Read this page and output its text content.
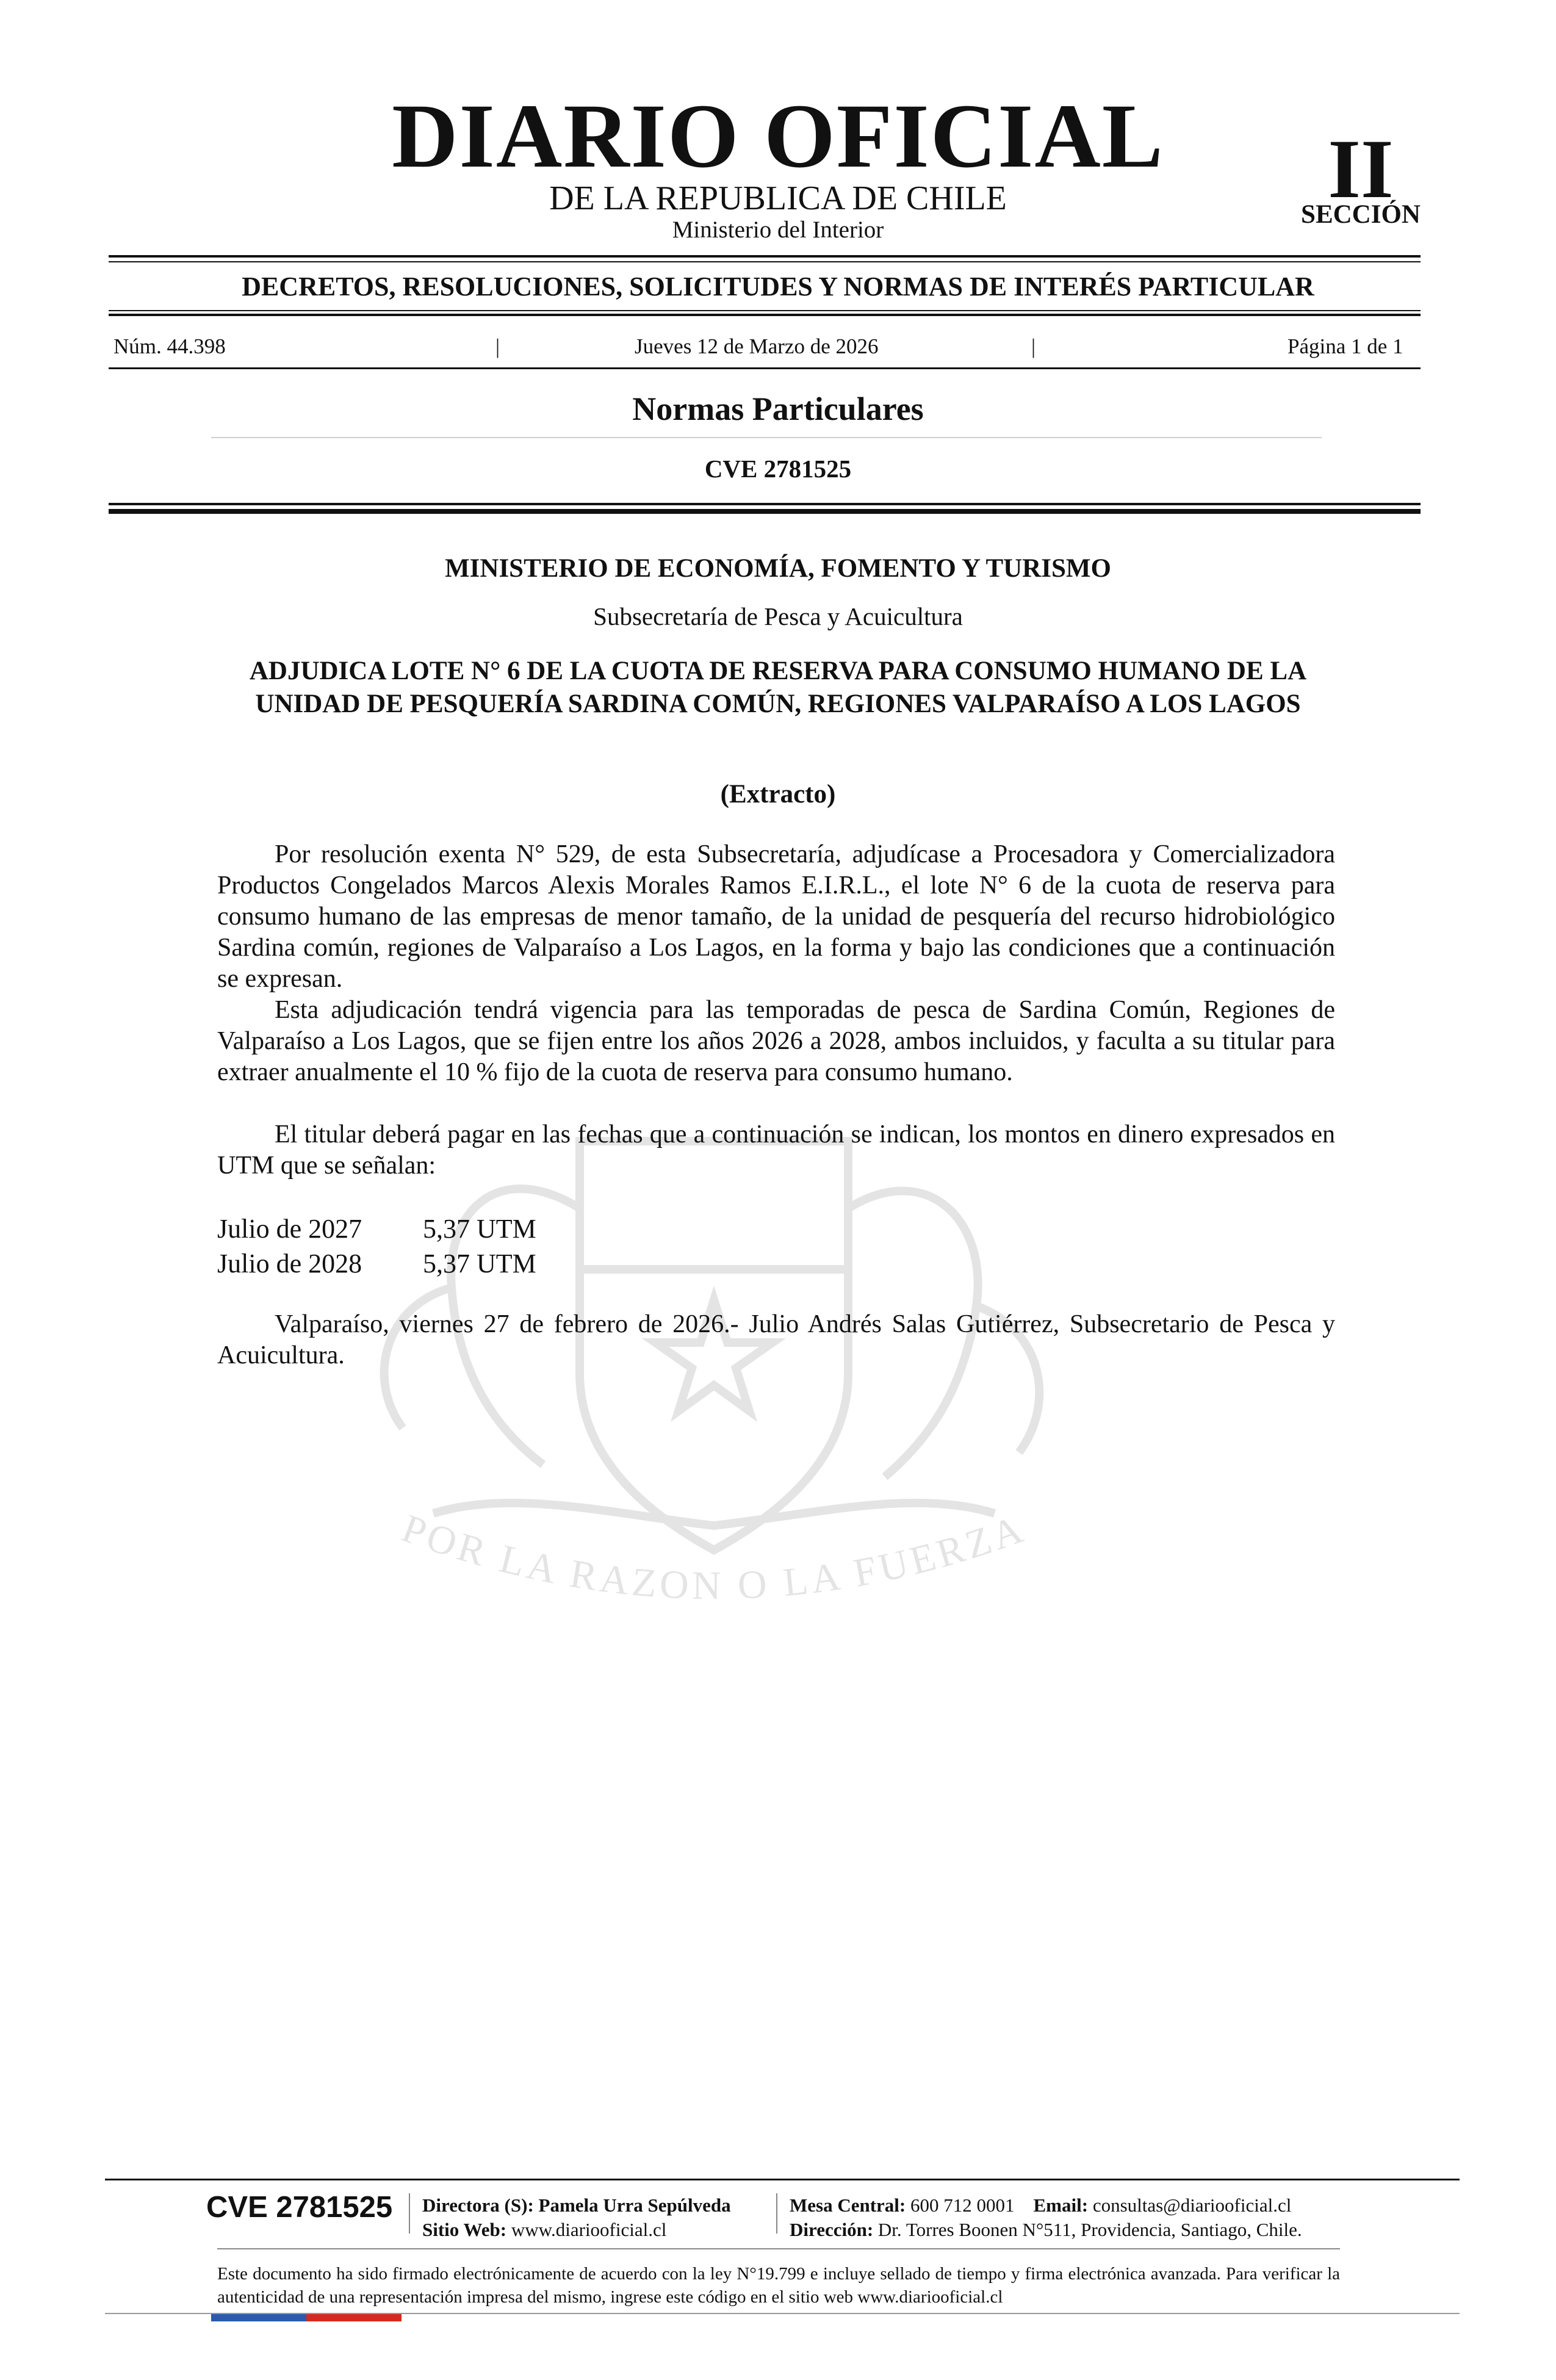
POR LA RAZON O LA FUERZA
DIARIO OFICIAL
DE LA REPUBLICA DE CHILE
Ministerio del Interior
II
SECCIÓN
DECRETOS, RESOLUCIONES, SOLICITUDES Y NORMAS DE INTERÉS PARTICULAR
Núm. 44.398	|	Jueves 12 de Marzo de 2026	|	Página 1 de 1
Normas Particulares
CVE 2781525
MINISTERIO DE ECONOMÍA, FOMENTO Y TURISMO
Subsecretaría de Pesca y Acuicultura
ADJUDICA LOTE N° 6 DE LA CUOTA DE RESERVA PARA CONSUMO HUMANO DE LA UNIDAD DE PESQUERÍA SARDINA COMÚN, REGIONES VALPARAÍSO A LOS LAGOS
(Extracto)

Por resolución exenta N° 529, de esta Subsecretaría, adjudícase a Procesadora y Comercializadora Productos Congelados Marcos Alexis Morales Ramos E.I.R.L., el lote N° 6 de la cuota de reserva para consumo humano de las empresas de menor tamaño, de la unidad de pesquería del recurso hidrobiológico Sardina común, regiones de Valparaíso a Los Lagos, en la forma y bajo las condiciones que a continuación se expresan.

Esta adjudicación tendrá vigencia para las temporadas de pesca de Sardina Común, Regiones de Valparaíso a Los Lagos, que se fijen entre los años 2026 a 2028, ambos incluidos, y faculta a su titular para extraer anualmente el 10 % fijo de la cuota de reserva para consumo humano.

El titular deberá pagar en las fechas que a continuación se indican, los montos en dinero expresados en UTM que se señalan:

Julio de 2027 5,37 UTM
Julio de 2028 5,37 UTM

Valparaíso, viernes 27 de febrero de 2026.- Julio Andrés Salas Gutiérrez, Subsecretario de Pesca y Acuicultura.

CVE 2781525 Directora (S): Pamela Urra Sepúlveda
Sitio Web: www.diariooficial.cl
Mesa Central: 600 712 0001 Email: consultas@diariooficial.cl
Dirección: Dr. Torres Boonen N°511, Providencia, Santiago, Chile.
Este documento ha sido firmado electrónicamente de acuerdo con la ley N°19.799 e incluye sellado de tiempo y firma electrónica avanzada. Para verificar la autenticidad de una representación impresa del mismo, ingrese este código en el sitio web www.diariooficial.cl
